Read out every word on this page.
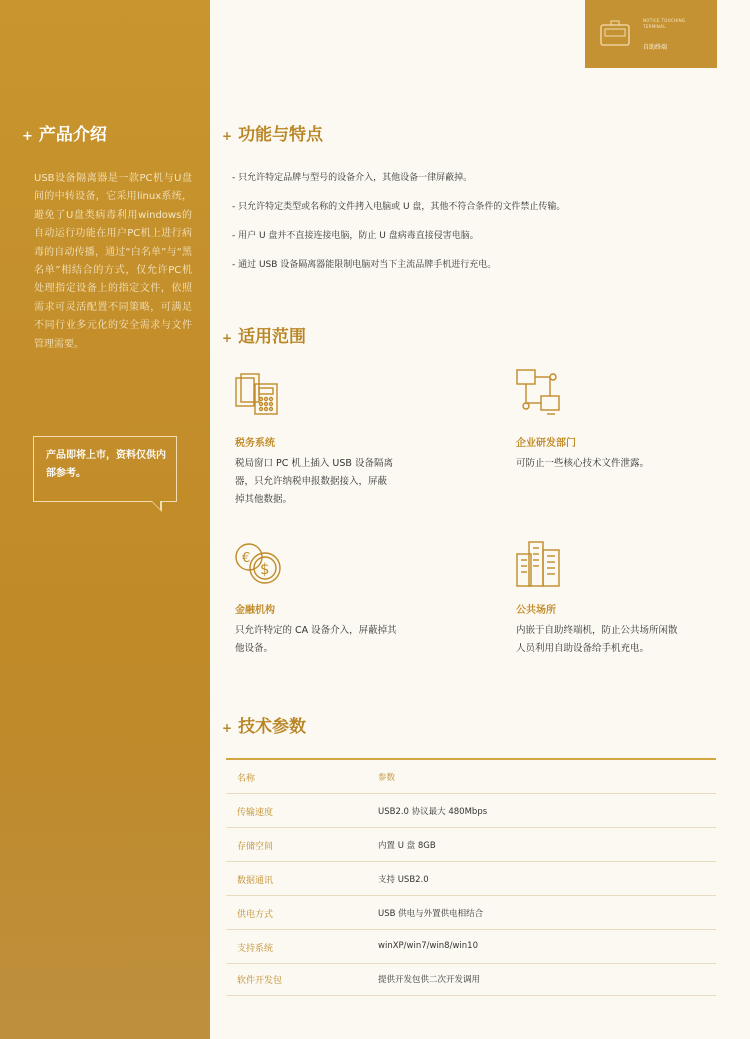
+ 产品介绍
USB设备隔离器是一款PC机与U盘间的中转设备，它采用linux系统，避免了U盘类病毒利用windows的自动运行功能在用户PC机上进行病毒的自动传播，通过“白名单”与“黑名单”相结合的方式，仅允许PC机处理指定设备上的指定文件，依照需求可灵活配置不同策略，可满足不同行业多元化的安全需求与文件管理需要。
产品即将上市，资料仅供内部参考。
NOTICE TOUCHING
TERMINAL
自助终端
+ 功能与特点
- 只允许特定品牌与型号的设备介入，其他设备一律屏蔽掉。
- 只允许特定类型或名称的文件拷入电脑或 U 盘，其他不符合条件的文件禁止传输。
- 用户 U 盘并不直接连接电脑，防止 U 盘病毒直接侵害电脑。
- 通过 USB 设备隔离器能限制电脑对当下主流品牌手机进行充电。
+ 适用范围
税务系统
税局窗口 PC 机上插入 USB 设备隔离
器，只允许纳税申报数据接入，屏蔽
掉其他数据。
企业研发部门
可防止一些核心技术文件泄露。
€
$
金融机构
只允许特定的 CA 设备介入，屏蔽掉其
他设备。
公共场所
内嵌于自助终端机，防止公共场所闲散
人员利用自助设备给手机充电。
+ 技术参数
名称	参数
传输速度	USB2.0 协议最大 480Mbps
存储空间	内置 U 盘 8GB
数据通讯	支持 USB2.0
供电方式	USB 供电与外置供电相结合
支持系统	winXP/win7/win8/win10
软件开发包	提供开发包供二次开发调用
